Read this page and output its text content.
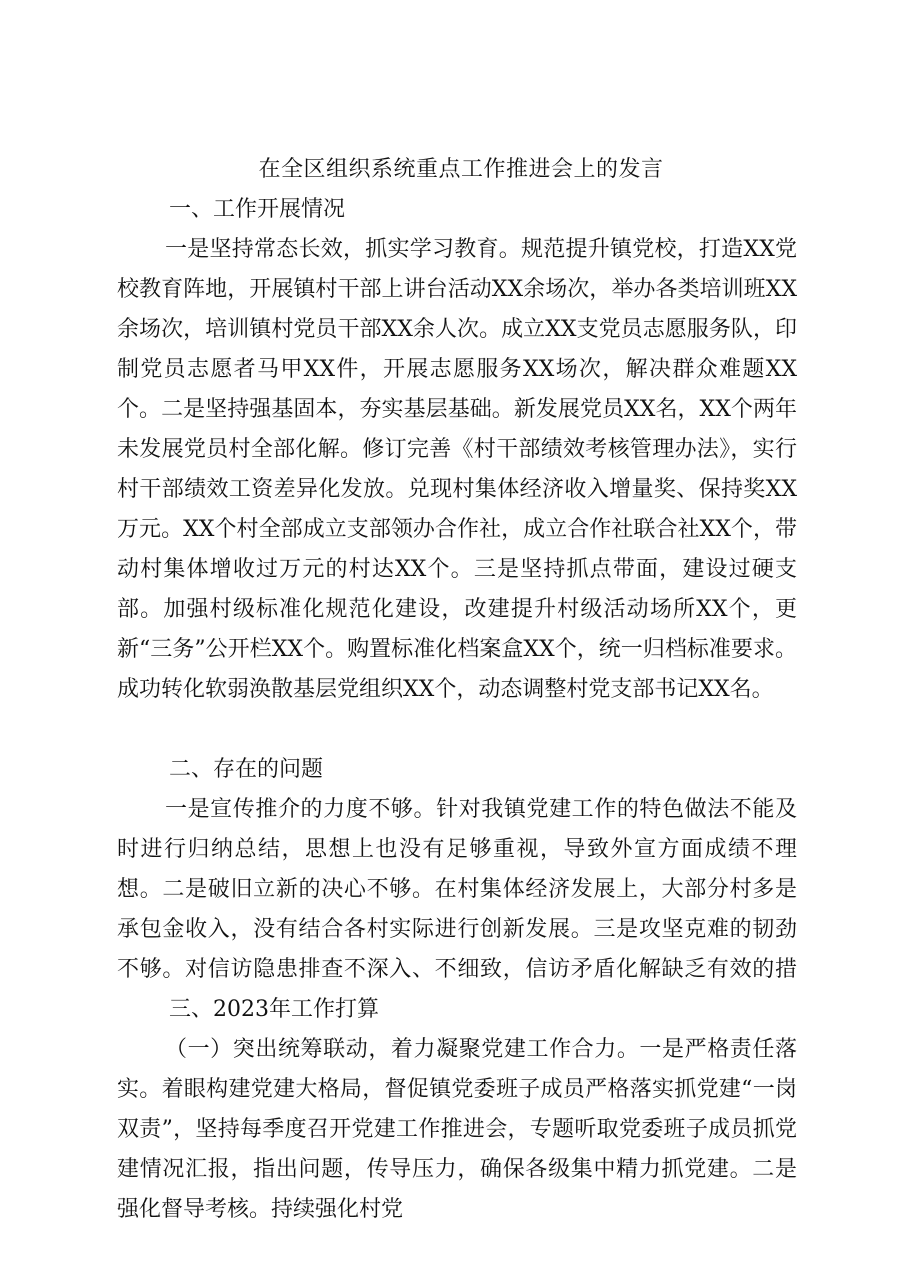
在全区组织系统重点工作推进会上的发言
一、工作开展情况

一是坚持常态长效，抓实学习教育。规范提升镇党校，打造XX党校教育阵地，开展镇村干部上讲台活动XX余场次，举办各类培训班XX余场次，培训镇村党员干部XX余人次。成立XX支党员志愿服务队，印制党员志愿者马甲XX件，开展志愿服务XX场次，解决群众难题XX个。二是坚持强基固本，夯实基层基础。新发展党员XX名，XX个两年未发展党员村全部化解。修订完善《村干部绩效考核管理办法》，实行村干部绩效工资差异化发放。兑现村集体经济收入增量奖、保持奖XX万元。XX个村全部成立支部领办合作社，成立合作社联合社XX个，带动村集体增收过万元的村达XX个。三是坚持抓点带面，建设过硬支部。加强村级标准化规范化建设，改建提升村级活动场所XX个，更新“三务”公开栏XX个。购置标准化档案盒XX个，统一归档标准要求。成功转化软弱涣散基层党组织XX个，动态调整村党支部书记XX名。

二、存在的问题

一是宣传推介的力度不够。针对我镇党建工作的特色做法不能及时进行归纳总结，思想上也没有足够重视，导致外宣方面成绩不理想。二是破旧立新的决心不够。在村集体经济发展上，大部分村多是承包金收入，没有结合各村实际进行创新发展。三是攻坚克难的韧劲不够。对信访隐患排查不深入、不细致，信访矛盾化解缺乏有效的措

三、2023年工作打算

（一）突出统筹联动，着力凝聚党建工作合力。一是严格责任落实。着眼构建党建大格局，督促镇党委班子成员严格落实抓党建“一岗双责”，坚持每季度召开党建工作推进会，专题听取党委班子成员抓党建情况汇报，指出问题，传导压力，确保各级集中精力抓党建。二是强化督导考核。持续强化村党
